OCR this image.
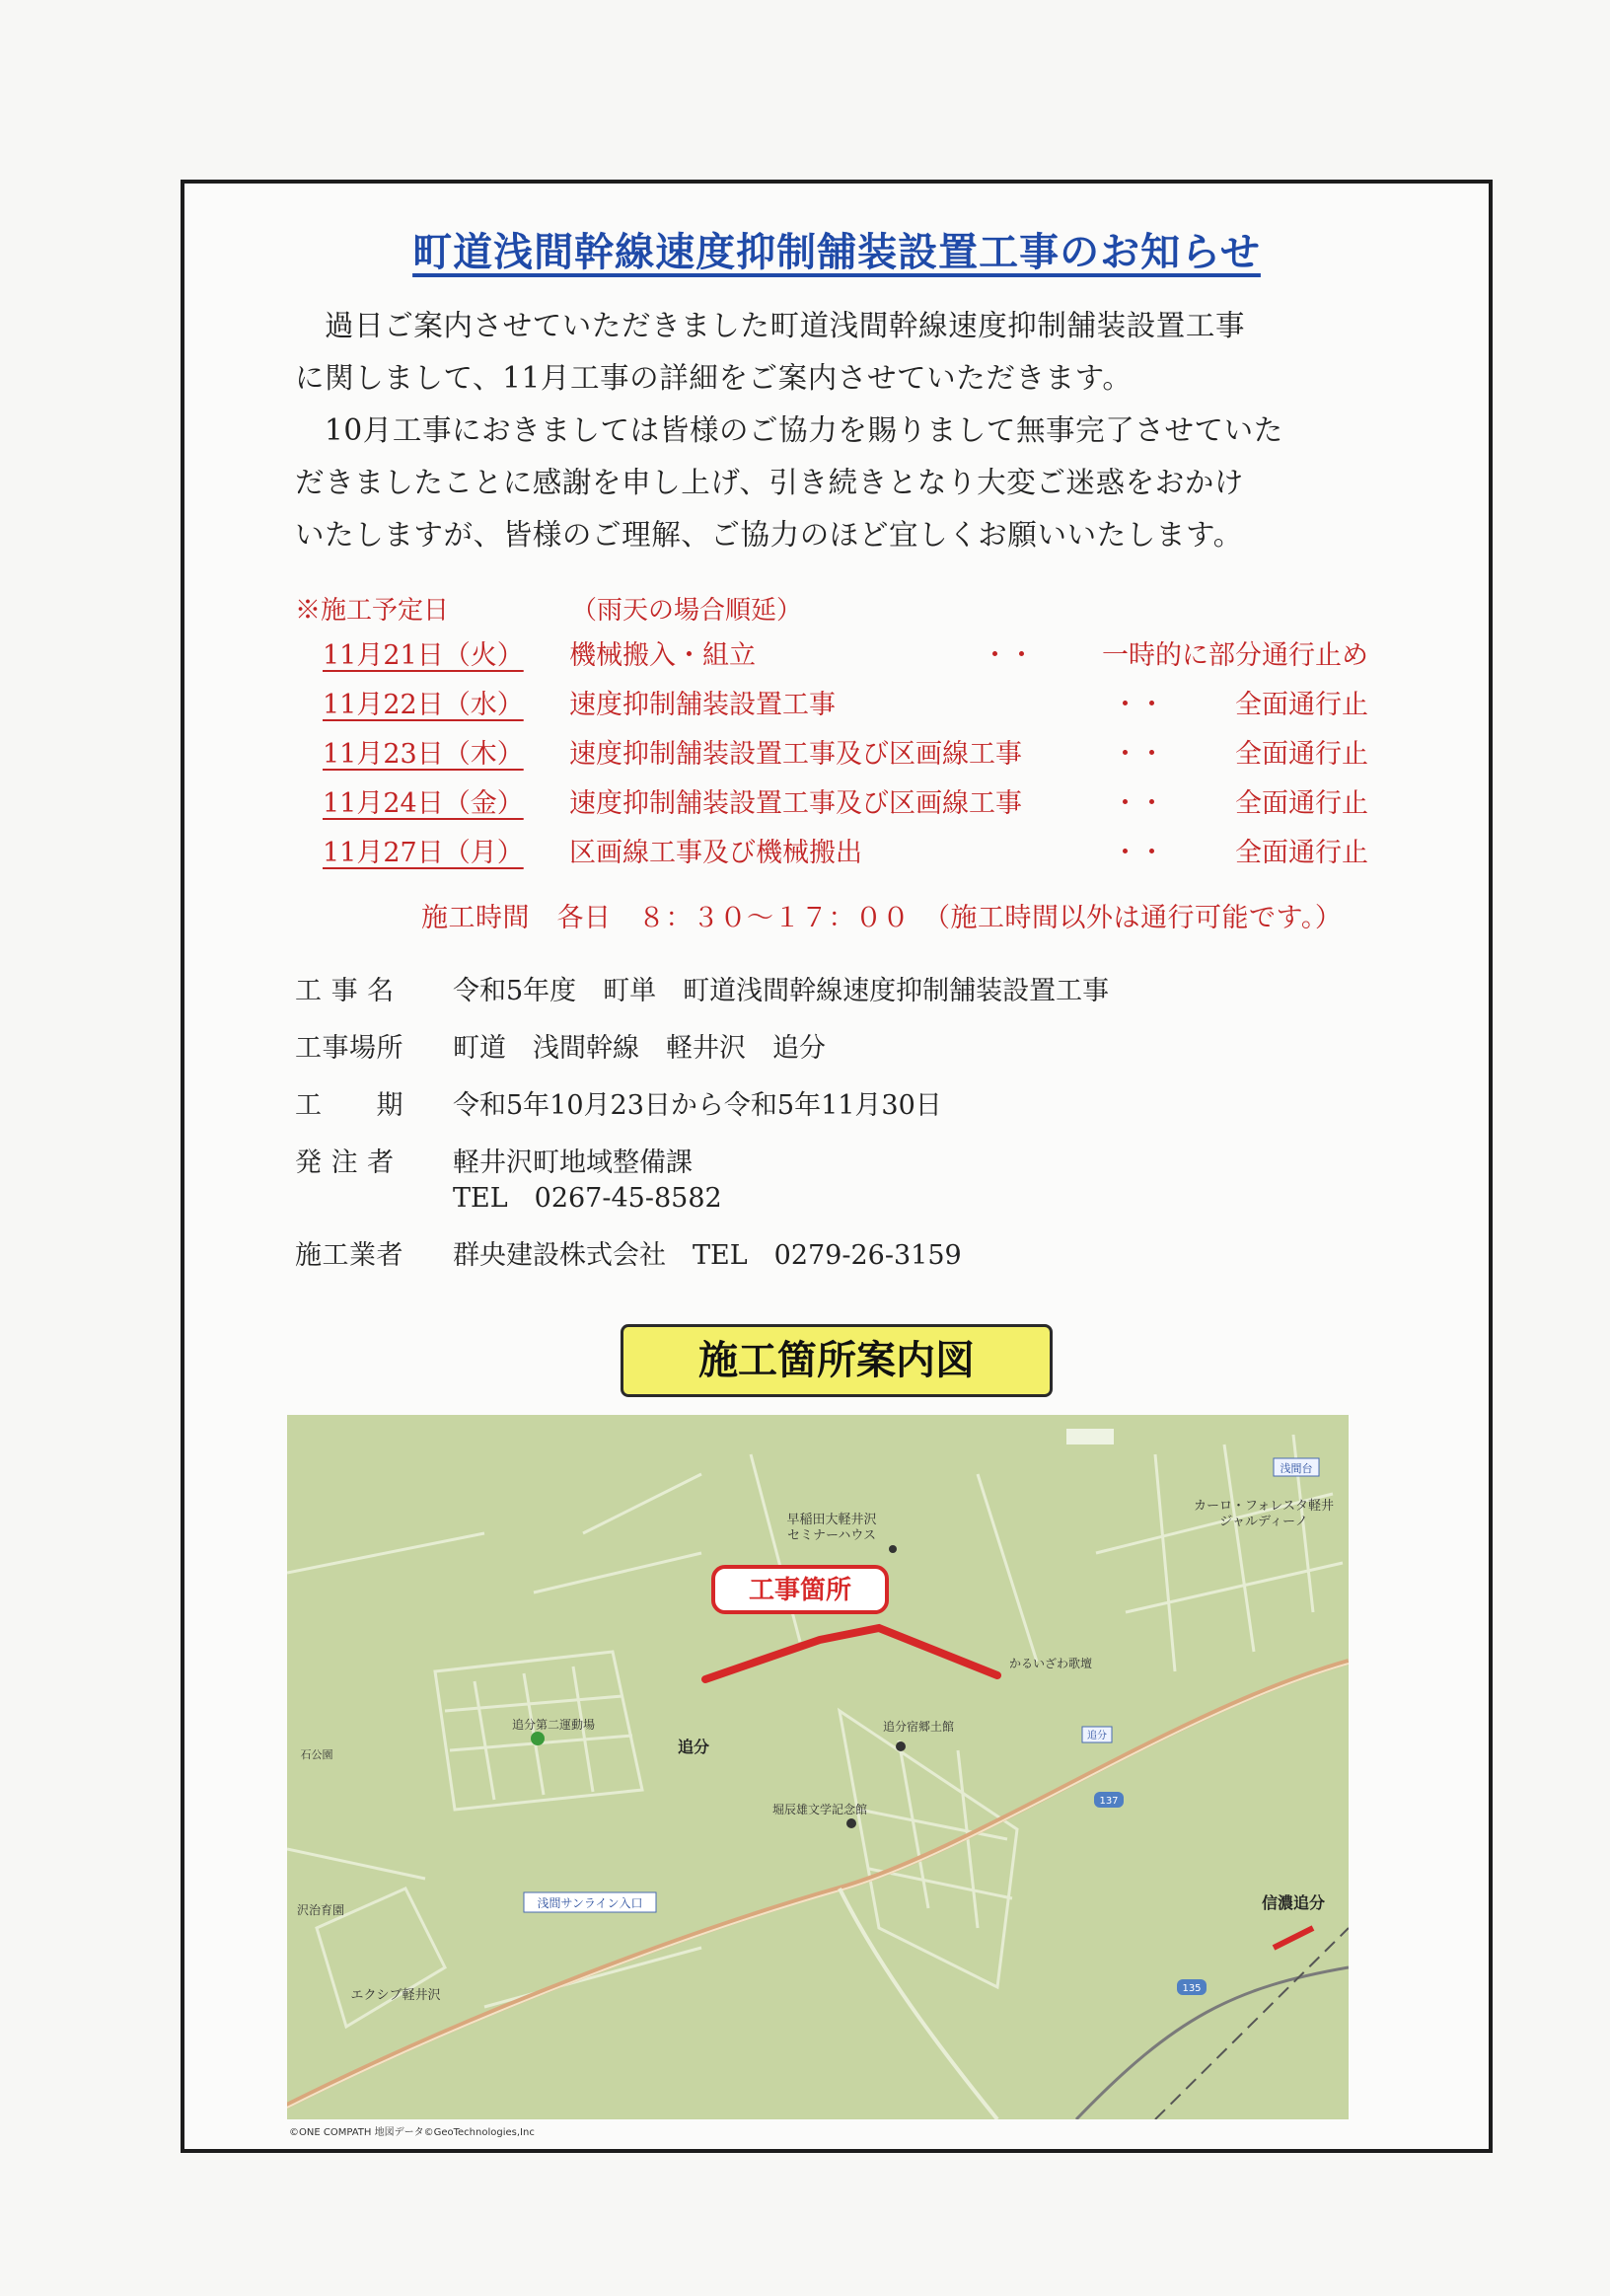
町道浅間幹線速度抑制舗装設置工事のお知らせ

過日ご案内させていただきました町道浅間幹線速度抑制舗装設置工事

に関しまして、11月工事の詳細をご案内させていただきます。

10月工事におきましては皆様のご協力を賜りまして無事完了させていた

だきましたことに感謝を申し上げ、引き続きとなり大変ご迷惑をおかけ

いたしますが、皆様のご理解、ご協力のほど宜しくお願いいたします。

※施工予定日	（雨天の場合順延）
11月21日（火） 機械搬入・組立	・・	一時的に部分通行止め
11月22日（水） 速度抑制舗装設置工事	・・	全面通行止
11月23日（木） 速度抑制舗装設置工事及び区画線工事	・・	全面通行止
11月24日（金） 速度抑制舗装設置工事及び区画線工事	・・	全面通行止
11月27日（月） 区画線工事及び機械搬出	・・	全面通行止
施工時間　各日　８：３０～１７：００　（施工時間以外は通行可能です。）
工 事 名 令和5年度　町単　町道浅間幹線速度抑制舗装設置工事
工事場所 町道　浅間幹線　軽井沢　追分
工　　期 令和5年10月23日から令和5年11月30日
発 注 者 軽井沢町地域整備課
TEL　0267-45-8582
施工業者 群央建設株式会社　TEL　0279-26-3159
施工箇所案内図
工事箇所
浅間台
早稲田大軽井沢
セミナーハウス
カーロ・フォレスタ軽井
ジャルディーノ
かるいざわ歌壇
追分
追分第二運動場	追分宿郷土館
堀辰雄文学記念館
浅間サンライン入口	信濃追分
エクシブ軽井沢
沢治育園
石公園
追分
137
135
©ONE COMPATH 地図データ©GeoTechnologies,Inc
